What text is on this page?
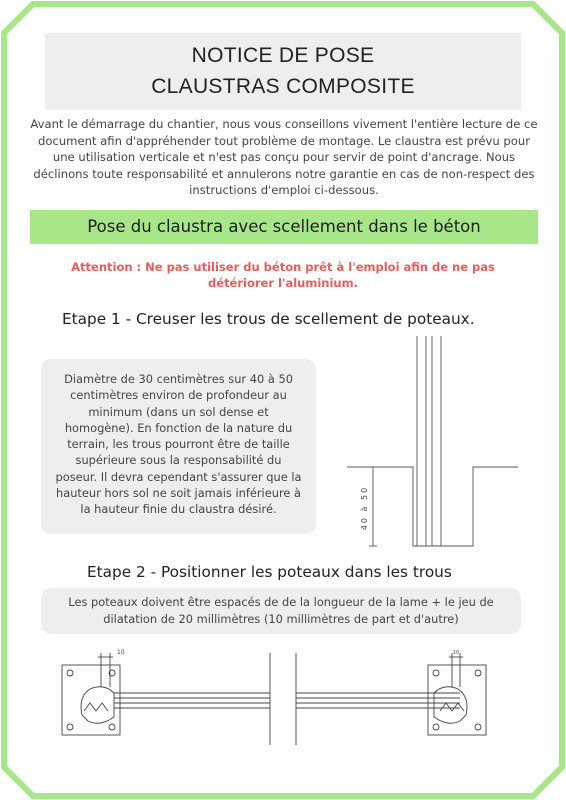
NOTICE DE POSE
CLAUSTRAS COMPOSITE
Avant le démarrage du chantier, nous vous conseillons vivement l'entière lecture de ce document afin d'appréhender tout problème de montage. Le claustra est prévu pour une utilisation verticale et n'est pas conçu pour servir de point d'ancrage. Nous déclinons toute responsabilité et annulerons notre garantie en cas de non-respect des instructions d'emploi ci-dessous.
Pose du claustra avec scellement dans le béton
Attention : Ne pas utiliser du béton prêt à l'emploi afin de ne pas détériorer l'aluminium.
Etape 1 - Creuser les trous de scellement de poteaux.

Diamètre de 30 centimètres sur 40 à 50 centimètres environ de profondeur au minimum (dans un sol dense et homogène). En fonction de la nature du terrain, les trous pourront être de taille supérieure sous la responsabilité du poseur. Il devra cependant s'assurer que la hauteur hors sol ne soit jamais inférieure à la hauteur finie du claustra désiré.	40 à 50
Etape 2 - Positionner les poteaux dans les trous

Les poteaux doivent être espacés de de la longueur de la lame + le jeu de dilatation de 20 millimètres (10 millimètres de part et d'autre)

10	10
